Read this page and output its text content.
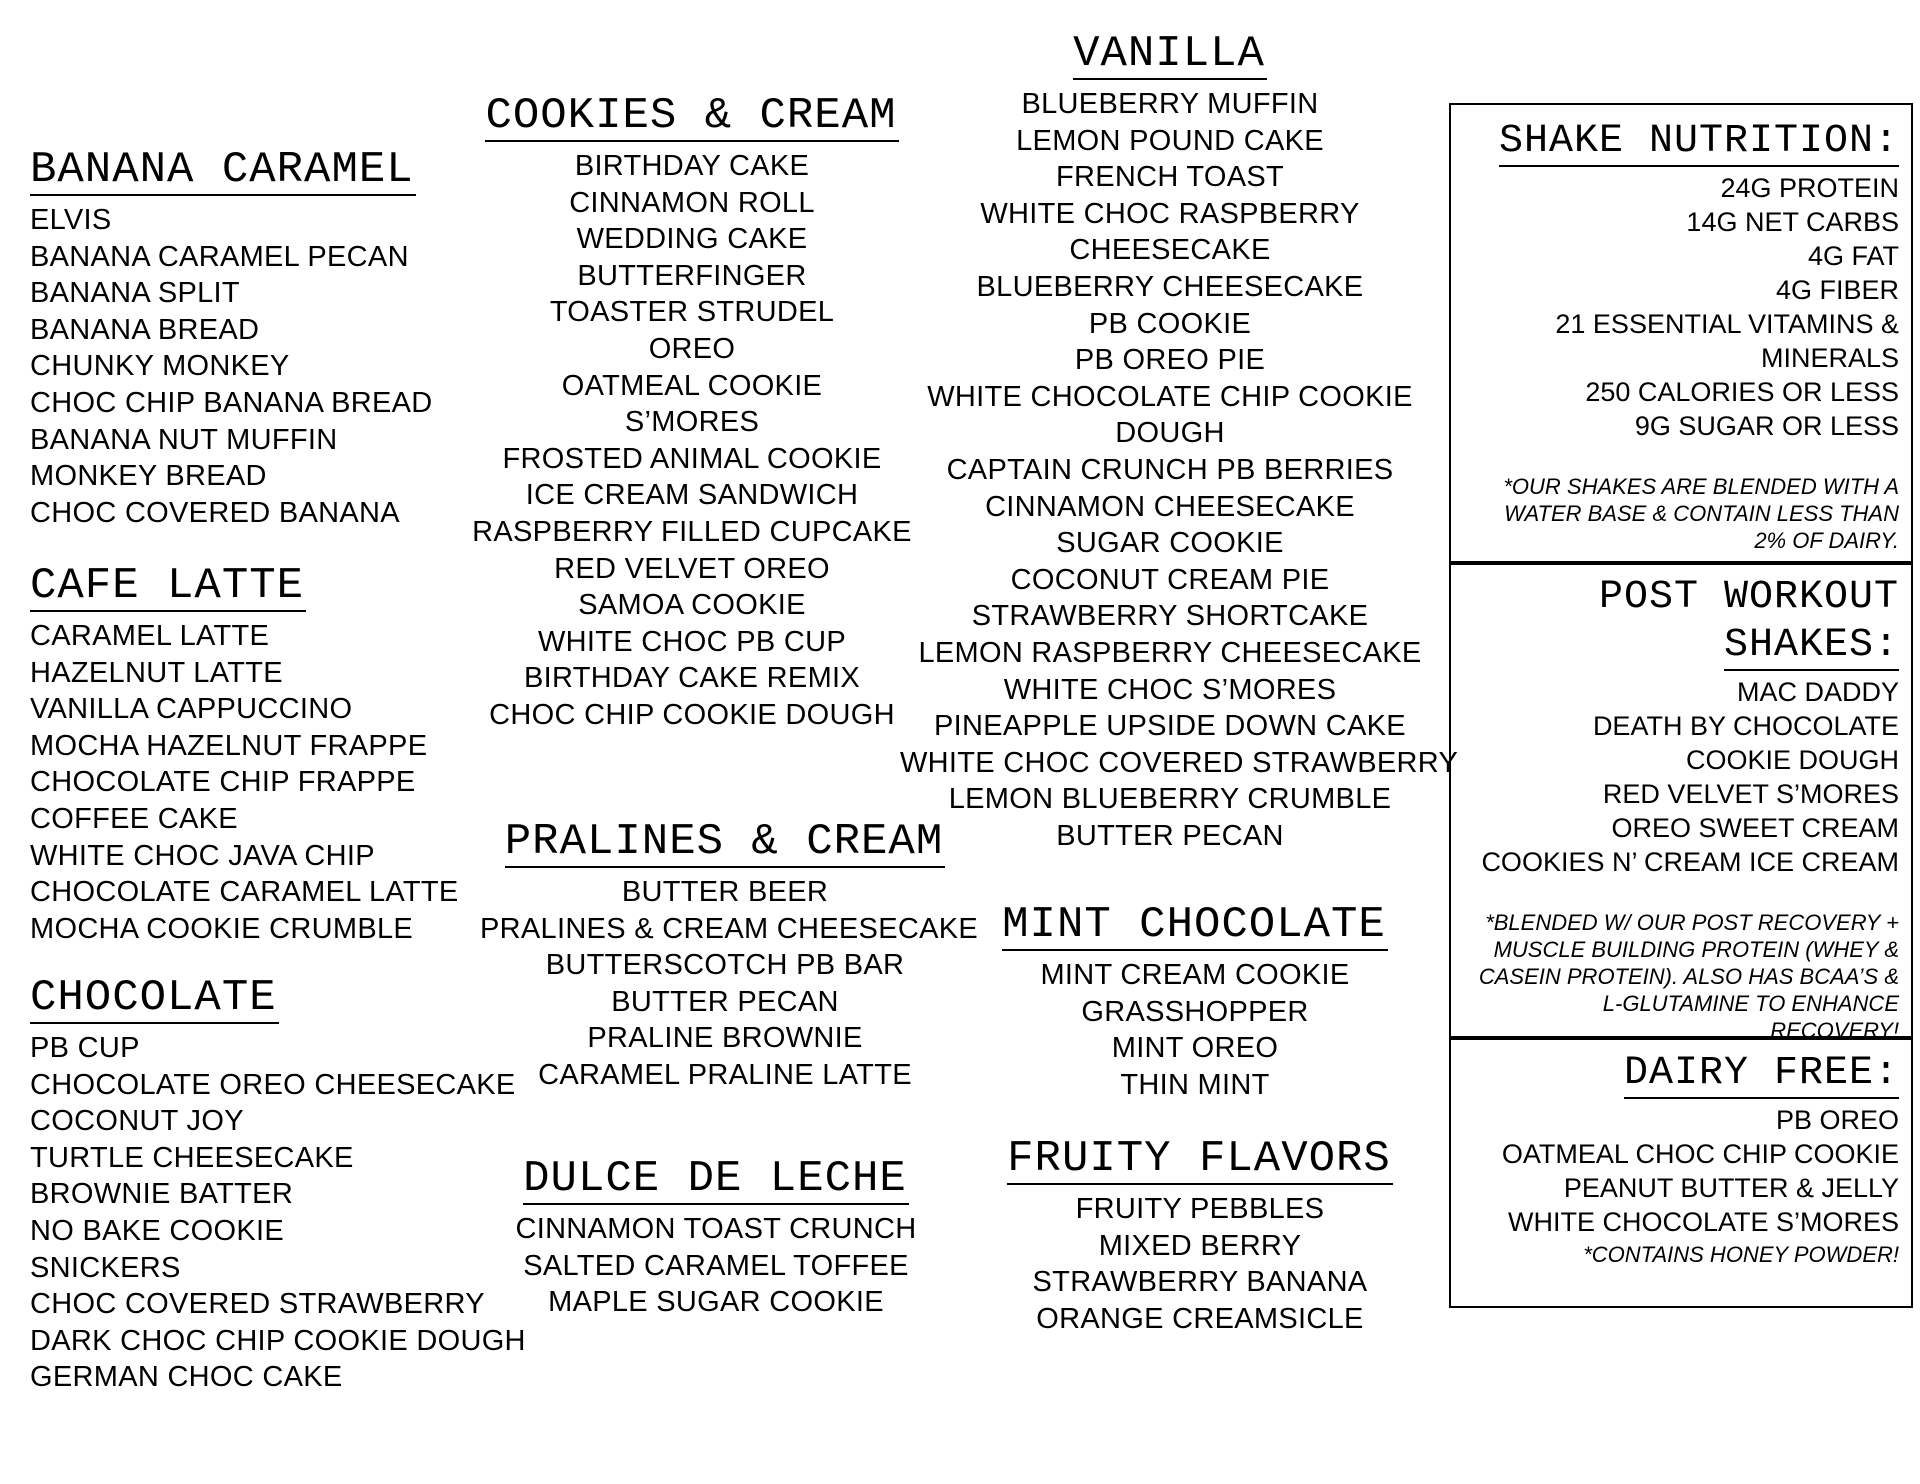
BANANA CARAMEL
ELVIS
BANANA CARAMEL PECAN
BANANA SPLIT
BANANA BREAD
CHUNKY MONKEY
CHOC CHIP BANANA BREAD
BANANA NUT MUFFIN
MONKEY BREAD
CHOC COVERED BANANA
CAFE LATTE
CARAMEL LATTE
HAZELNUT LATTE
VANILLA CAPPUCCINO
MOCHA HAZELNUT FRAPPE
CHOCOLATE CHIP FRAPPE
COFFEE CAKE
WHITE CHOC JAVA CHIP
CHOCOLATE CARAMEL LATTE
MOCHA COOKIE CRUMBLE
CHOCOLATE
PB CUP
CHOCOLATE OREO CHEESECAKE
COCONUT JOY
TURTLE CHEESECAKE
BROWNIE BATTER
NO BAKE COOKIE
SNICKERS
CHOC COVERED STRAWBERRY
DARK CHOC CHIP COOKIE DOUGH
GERMAN CHOC CAKE
COOKIES & CREAM
BIRTHDAY CAKE
CINNAMON ROLL
WEDDING CAKE
BUTTERFINGER
TOASTER STRUDEL
OREO
OATMEAL COOKIE
S’MORES
FROSTED ANIMAL COOKIE
ICE CREAM SANDWICH
RASPBERRY FILLED CUPCAKE
RED VELVET OREO
SAMOA COOKIE
WHITE CHOC PB CUP
BIRTHDAY CAKE REMIX
CHOC CHIP COOKIE DOUGH
PRALINES & CREAM
BUTTER BEER
PRALINES & CREAM CHEESECAKE
BUTTERSCOTCH PB BAR
BUTTER PECAN
PRALINE BROWNIE
CARAMEL PRALINE LATTE
DULCE DE LECHE
CINNAMON TOAST CRUNCH
SALTED CARAMEL TOFFEE
MAPLE SUGAR COOKIE
VANILLA
BLUEBERRY MUFFIN
LEMON POUND CAKE
FRENCH TOAST
WHITE CHOC RASPBERRY
CHEESECAKE
BLUEBERRY CHEESECAKE
PB COOKIE
PB OREO PIE
WHITE CHOCOLATE CHIP COOKIE
DOUGH
CAPTAIN CRUNCH PB BERRIES
CINNAMON CHEESECAKE
SUGAR COOKIE
COCONUT CREAM PIE
STRAWBERRY SHORTCAKE
LEMON RASPBERRY CHEESECAKE
WHITE CHOC S’MORES
PINEAPPLE UPSIDE DOWN CAKE
WHITE CHOC COVERED STRAWBERRY
LEMON BLUEBERRY CRUMBLE
BUTTER PECAN
MINT CHOCOLATE
MINT CREAM COOKIE
GRASSHOPPER
MINT OREO
THIN MINT
FRUITY FLAVORS
FRUITY PEBBLES
MIXED BERRY
STRAWBERRY BANANA
ORANGE CREAMSICLE
SHAKE NUTRITION:
24G PROTEIN
14G NET CARBS
4G FAT
4G FIBER
21 ESSENTIAL VITAMINS &
MINERALS
250 CALORIES OR LESS
9G SUGAR OR LESS
*OUR SHAKES ARE BLENDED WITH A WATER BASE & CONTAIN LESS THAN 2% OF DAIRY.
POST WORKOUT
SHAKES:
MAC DADDY
DEATH BY CHOCOLATE
COOKIE DOUGH
RED VELVET S’MORES
OREO SWEET CREAM
COOKIES N’ CREAM ICE CREAM
*BLENDED W/ OUR POST RECOVERY + MUSCLE BUILDING PROTEIN (WHEY & CASEIN PROTEIN). ALSO HAS BCAA’S & L-GLUTAMINE TO ENHANCE RECOVERY!
DAIRY FREE:
PB OREO
OATMEAL CHOC CHIP COOKIE
PEANUT BUTTER & JELLY
WHITE CHOCOLATE S’MORES
*CONTAINS HONEY POWDER!
